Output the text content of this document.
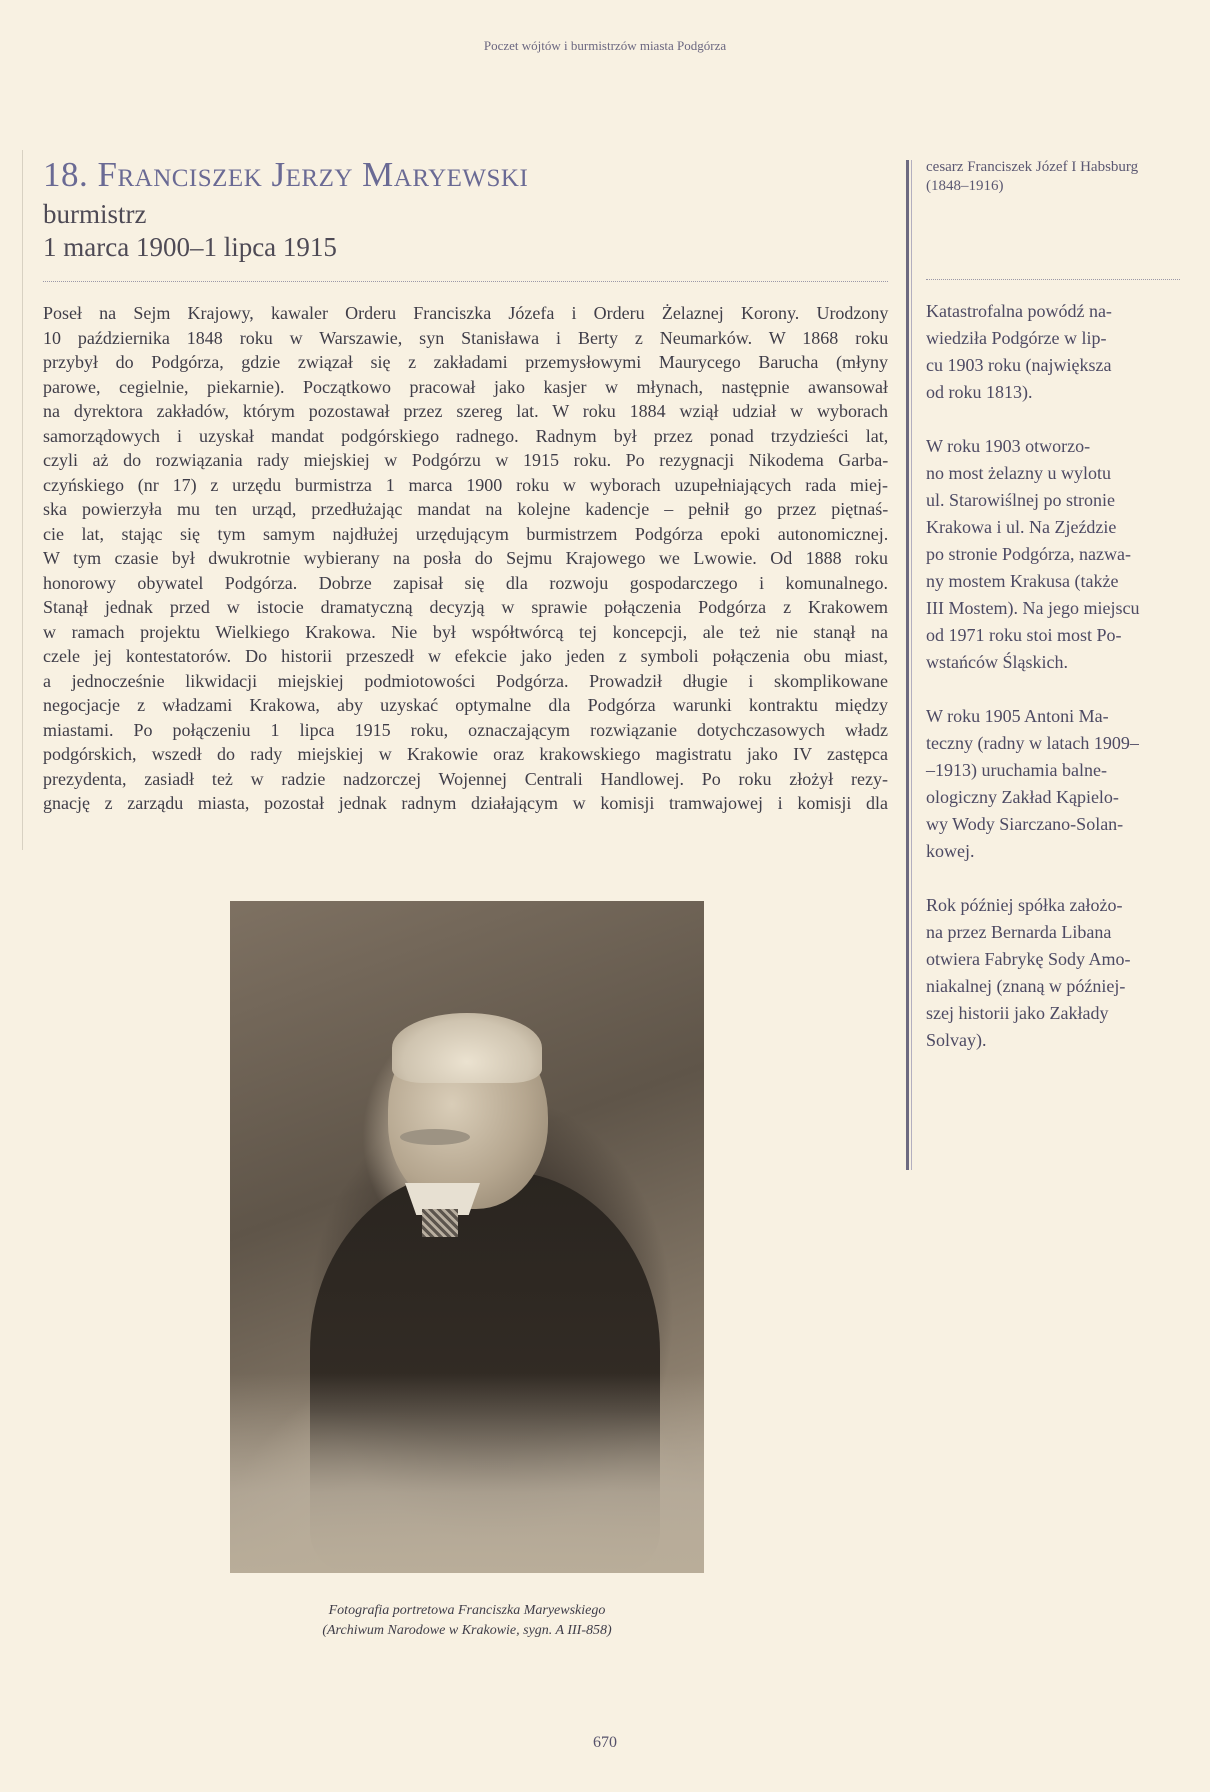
Poczet wójtów i burmistrzów miasta Podgórza
18. Franciszek Jerzy Maryewski
burmistrz
1 marca 1900–1 lipca 1915
Poseł na Sejm Krajowy, kawaler Orderu Franciszka Józefa i Orderu Żelaznej Korony. Urodzony
10 października 1848 roku w Warszawie, syn Stanisława i Berty z Neumarków. W 1868 roku
przybył do Podgórza, gdzie związał się z zakładami przemysłowymi Maurycego Barucha (młyny
parowe, cegielnie, piekarnie). Początkowo pracował jako kasjer w młynach, następnie awansował
na dyrektora zakładów, którym pozostawał przez szereg lat. W roku 1884 wziął udział w wyborach
samorządowych i uzyskał mandat podgórskiego radnego. Radnym był przez ponad trzydzieści lat,
czyli aż do rozwiązania rady miejskiej w Podgórzu w 1915 roku. Po rezygnacji Nikodema Garba-
czyńskiego (nr 17) z urzędu burmistrza 1 marca 1900 roku w wyborach uzupełniających rada miej-
ska powierzyła mu ten urząd, przedłużając mandat na kolejne kadencje – pełnił go przez piętnaś-
cie lat, stając się tym samym najdłużej urzędującym burmistrzem Podgórza epoki autonomicznej.
W tym czasie był dwukrotnie wybierany na posła do Sejmu Krajowego we Lwowie. Od 1888 roku
honorowy obywatel Podgórza. Dobrze zapisał się dla rozwoju gospodarczego i komunalnego.
Stanął jednak przed w istocie dramatyczną decyzją w sprawie połączenia Podgórza z Krakowem
w ramach projektu Wielkiego Krakowa. Nie był współtwórcą tej koncepcji, ale też nie stanął na
czele jej kontestatorów. Do historii przeszedł w efekcie jako jeden z symboli połączenia obu miast,
a jednocześnie likwidacji miejskiej podmiotowości Podgórza. Prowadził długie i skomplikowane
negocjacje z władzami Krakowa, aby uzyskać optymalne dla Podgórza warunki kontraktu między
miastami. Po połączeniu 1 lipca 1915 roku, oznaczającym rozwiązanie dotychczasowych władz
podgórskich, wszedł do rady miejskiej w Krakowie oraz krakowskiego magistratu jako IV zastępca
prezydenta, zasiadł też w radzie nadzorczej Wojennej Centrali Handlowej. Po roku złożył rezy-
gnację z zarządu miasta, pozostał jednak radnym działającym w komisji tramwajowej i komisji dla
Fotografia portretowa Franciszka Maryewskiego
(Archiwum Narodowe w Krakowie, sygn. A III-858)
cesarz Franciszek Józef I Habsburg
(1848–1916)
Katastrofalna powódź na-
wiedziła Podgórze w lip-
cu 1903 roku (największa
od roku 1813).
W roku 1903 otworzo-
no most żelazny u wylotu
ul. Starowiślnej po stronie
Krakowa i ul. Na Zjeździe
po stronie Podgórza, nazwa-
ny mostem Krakusa (także
III Mostem). Na jego miejscu
od 1971 roku stoi most Po-
wstańców Śląskich.
W roku 1905 Antoni Ma-
teczny (radny w latach 1909–
–1913) uruchamia balne-
ologiczny Zakład Kąpielo-
wy Wody Siarczano-Solan-
kowej.
Rok później spółka założo-
na przez Bernarda Libana
otwiera Fabrykę Sody Amo-
niakalnej (znaną w później-
szej historii jako Zakłady
Solvay).
670
